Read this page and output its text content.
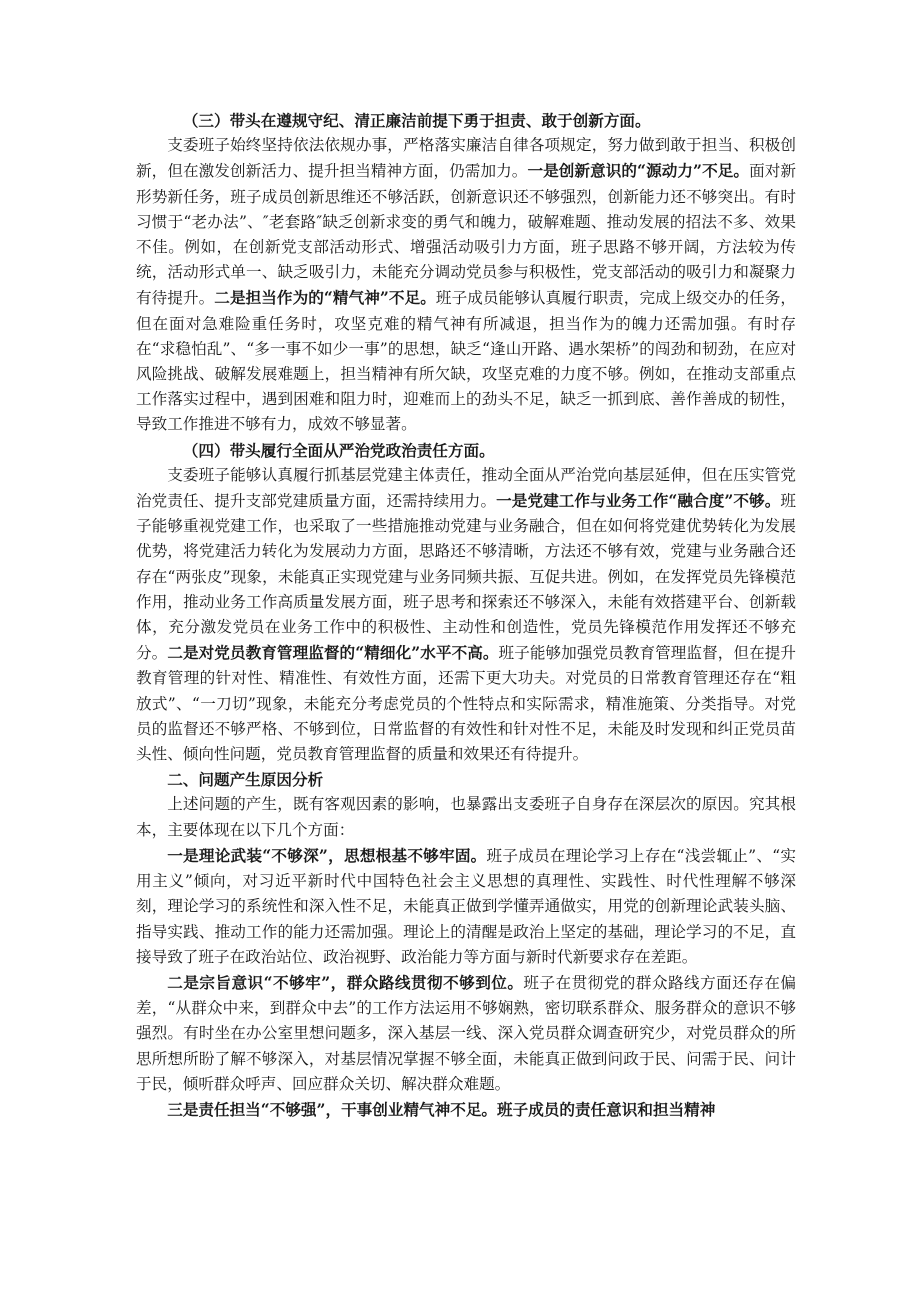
（三）带头在遵规守纪、清正廉洁前提下勇于担责、敢于创新方面。

支委班子始终坚持依法依规办事，严格落实廉洁自律各项规定，努力做到敢于担当、积极创新，但在激发创新活力、提升担当精神方面，仍需加力。一是创新意识的“源动力”不足。面对新形势新任务，班子成员创新思维还不够活跃，创新意识还不够强烈，创新能力还不够突出。有时习惯于“老办法”、″老套路″缺乏创新求变的勇气和魄力，破解难题、推动发展的招法不多、效果不佳。例如，在创新党支部活动形式、增强活动吸引力方面，班子思路不够开阔，方法较为传统，活动形式单一、缺乏吸引力，未能充分调动党员参与积极性，党支部活动的吸引力和凝聚力有待提升。二是担当作为的“精气神”不足。班子成员能够认真履行职责，完成上级交办的任务，但在面对急难险重任务时，攻坚克难的精气神有所减退，担当作为的魄力还需加强。有时存在“求稳怕乱”、“多一事不如少一事”的思想，缺乏“逢山开路、遇水架桥”的闯劲和韧劲，在应对风险挑战、破解发展难题上，担当精神有所欠缺，攻坚克难的力度不够。例如，在推动支部重点工作落实过程中，遇到困难和阻力时，迎难而上的劲头不足，缺乏一抓到底、善作善成的韧性，导致工作推进不够有力，成效不够显著。

（四）带头履行全面从严治党政治责任方面。

支委班子能够认真履行抓基层党建主体责任，推动全面从严治党向基层延伸，但在压实管党治党责任、提升支部党建质量方面，还需持续用力。一是党建工作与业务工作“融合度”不够。班子能够重视党建工作，也采取了一些措施推动党建与业务融合，但在如何将党建优势转化为发展优势，将党建活力转化为发展动力方面，思路还不够清晰，方法还不够有效，党建与业务融合还存在“两张皮”现象，未能真正实现党建与业务同频共振、互促共进。例如，在发挥党员先锋模范作用，推动业务工作高质量发展方面，班子思考和探索还不够深入，未能有效搭建平台、创新载体，充分激发党员在业务工作中的积极性、主动性和创造性，党员先锋模范作用发挥还不够充分。二是对党员教育管理监督的“精细化”水平不高。班子能够加强党员教育管理监督，但在提升教育管理的针对性、精准性、有效性方面，还需下更大功夫。对党员的日常教育管理还存在“粗放式”、“一刀切”现象，未能充分考虑党员的个性特点和实际需求，精准施策、分类指导。对党员的监督还不够严格、不够到位，日常监督的有效性和针对性不足，未能及时发现和纠正党员苗头性、倾向性问题，党员教育管理监督的质量和效果还有待提升。

二、问题产生原因分析

上述问题的产生，既有客观因素的影响，也暴露出支委班子自身存在深层次的原因。究其根本，主要体现在以下几个方面：

一是理论武装“不够深”，思想根基不够牢固。班子成员在理论学习上存在“浅尝辄止”、“实用主义”倾向，对习近平新时代中国特色社会主义思想的真理性、实践性、时代性理解不够深刻，理论学习的系统性和深入性不足，未能真正做到学懂弄通做实，用党的创新理论武装头脑、指导实践、推动工作的能力还需加强。理论上的清醒是政治上坚定的基础，理论学习的不足，直接导致了班子在政治站位、政治视野、政治能力等方面与新时代新要求存在差距。

二是宗旨意识“不够牢”，群众路线贯彻不够到位。班子在贯彻党的群众路线方面还存在偏差，“从群众中来，到群众中去”的工作方法运用不够娴熟，密切联系群众、服务群众的意识不够强烈。有时坐在办公室里想问题多，深入基层一线、深入党员群众调查研究少，对党员群众的所思所想所盼了解不够深入，对基层情况掌握不够全面，未能真正做到问政于民、问需于民、问计于民，倾听群众呼声、回应群众关切、解决群众难题。

三是责任担当“不够强”，干事创业精气神不足。班子成员的责任意识和担当精神
